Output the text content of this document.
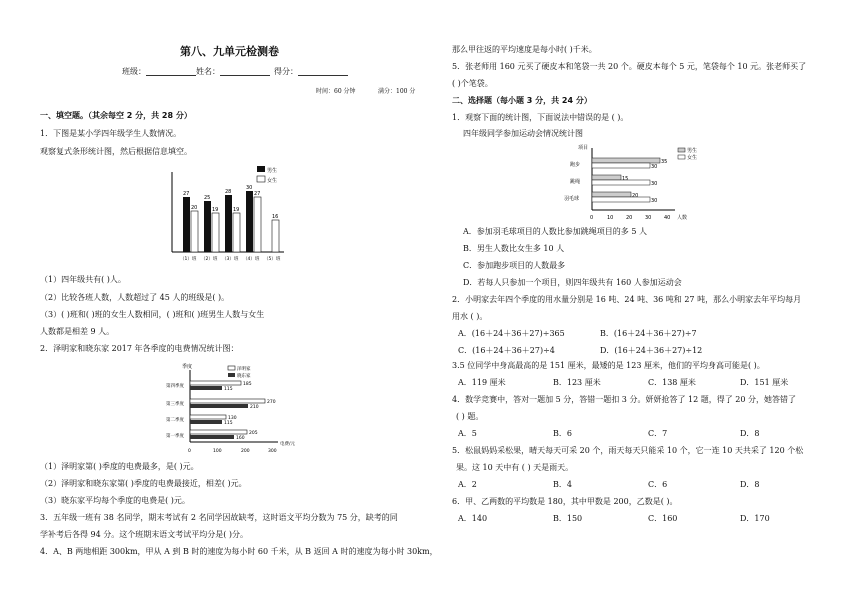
第八、九单元检测卷
班级：	姓名：	得分：
时间：60 分钟	满分：100 分
一、填空题。（其余每空 2 分，共 28 分）
1．下图是某小学四年级学生人数情况。
观察复式条形统计图，然后根据信息填空。
男生
女生
27
20
25
19
28
19
30
27
16
（1）班 （2）班 （3）班 （4）班 （5）班
（1）四年级共有( )人。
（2）比较各班人数，人数超过了 45 人的班级是( )。
（3）( )班和( )班的女生人数相同，( )班和( )班男生人数与女生
人数都是相差 9 人。
2．泽明家和晓东家 2017 年各季度的电费情况统计图：
季度
电费/元
泽明家
晓东家
第四季度	185
115
第三季度	270
210
第二季度	130
115
第一季度
205
160
0	100	200	300
（1）泽明家第( )季度的电费最多，是( )元。
（2）泽明家和晓东家第( )季度的电费最接近，相差( )元。
（3）晓东家平均每个季度的电费是( )元。
3．五年级一班有 38 名同学，期末考试有 2 名同学因故缺考，这时语文平均分数为 75 分，缺考的同
学补考后各得 94 分。这个班期末语文考试平均分是( )分。
4．A、B 两地相距 300km，甲从 A 到 B 时的速度为每小时 60 千米，从 B 返回 A 时的速度为每小时 30km，
那么甲往返的平均速度是每小时( )千米。
5．张老师用 160 元买了硬皮本和笔袋一共 20 个。硬皮本每个 5 元，笔袋每个 10 元。张老师买了
( )个笔袋。
二、选择题（每小题 3 分，共 24 分）
1．观察下面的统计图，下面说法中错误的是 ( )。
四年级同学参加运动会情况统计图
项目
人数
男生
女生
跑步	35
30
跳绳	15
30
羽毛球	20
30
0	10	20	30	40
A．参加羽毛球项目的人数比参加跳绳项目的多 5 人
B．男生人数比女生多 10 人
C．参加跑步项目的人数最多
D．若每人只参加一个项目，则四年级共有 160 人参加运动会
2．小明家去年四个季度的用水量分别是 16 吨、24 吨、36 吨和 27 吨，那么小明家去年平均每月
用水 ( )。
A．(16＋24＋36＋27)÷365	B．(16＋24＋36＋27)÷7
C．(16＋24＋36＋27)÷4	D．(16＋24＋36＋27)÷12
3.5 位同学中身高最高的是 151 厘米，最矮的是 123 厘米，他们的平均身高可能是( )。
A．119 厘米	B．123 厘米	C．138 厘米	D．151 厘米
4．数学竞赛中，答对一题加 5 分，答错一题扣 3 分。妍妍抢答了 12 题，得了 20 分，她答错了
( ) 题。
A．5	B．6	C．7	D．8
5．松鼠妈妈采松果，晴天每天可采 20 个，雨天每天只能采 10 个，它一连 10 天共采了 120 个松
果。这 10 天中有 ( ) 天是雨天。
A．2	B．4	C．6	D．8
6．甲、乙两数的平均数是 180，其中甲数是 200，乙数是( )。
A．140	B．150	C．160	D．170
